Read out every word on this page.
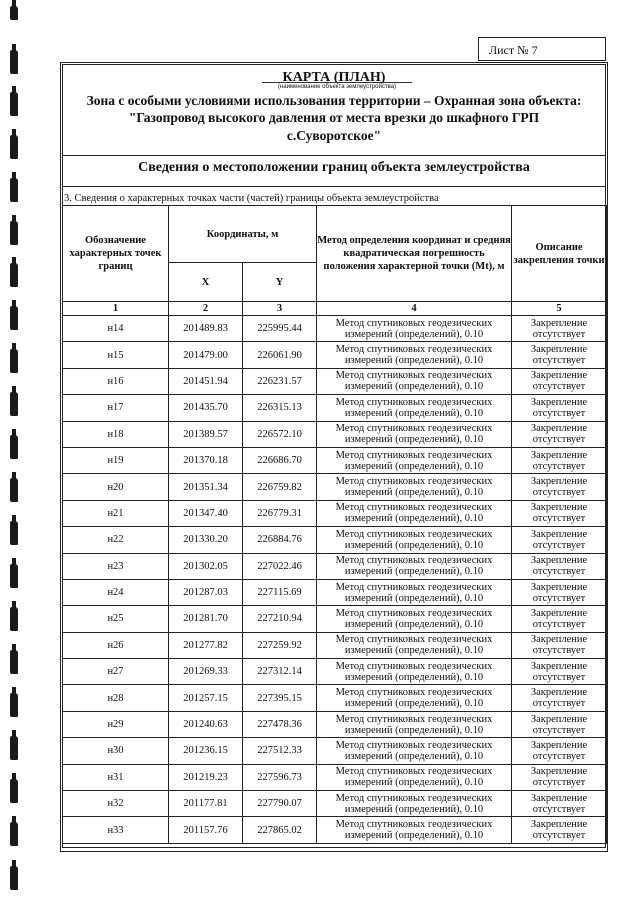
Лист № 7
КАРТА (ПЛАН)
Зона с особыми условиями использования территории – Охранная зона объекта:
"Газопровод высокого давления от места врезки до шкафного ГРП
с.Суворотское"
(наименование объекта землеустройства)
Сведения о местоположении границ объекта землеустройства
3. Сведения о характерных точках части (частей) границы объекта землеустройства
Обозначение характерных точек границ	Координаты, м		Метод определения координат и средняя квадратическая погрешность положения характерной точки (Mt), м	Описание закрепления точки
	X	Y		
1	2	3	4	5
н14	201489.83	225995.44	Метод спутниковых геодезических измерений (определений), 0.10	Закрепление отсутствует
н15	201479.00	226061.90	Метод спутниковых геодезических измерений (определений), 0.10	Закрепление отсутствует
н16	201451.94	226231.57	Метод спутниковых геодезических измерений (определений), 0.10	Закрепление отсутствует
н17	201435.70	226315.13	Метод спутниковых геодезических измерений (определений), 0.10	Закрепление отсутствует
н18	201389.57	226572.10	Метод спутниковых геодезических измерений (определений), 0.10	Закрепление отсутствует
н19	201370.18	226686.70	Метод спутниковых геодезических измерений (определений), 0.10	Закрепление отсутствует
н20	201351.34	226759.82	Метод спутниковых геодезических измерений (определений), 0.10	Закрепление отсутствует
н21	201347.40	226779.31	Метод спутниковых геодезических измерений (определений), 0.10	Закрепление отсутствует
н22	201330.20	226884.76	Метод спутниковых геодезических измерений (определений), 0.10	Закрепление отсутствует
н23	201302.05	227022.46	Метод спутниковых геодезических измерений (определений), 0.10	Закрепление отсутствует
н24	201287.03	227115.69	Метод спутниковых геодезических измерений (определений), 0.10	Закрепление отсутствует
н25	201281.70	227210.94	Метод спутниковых геодезических измерений (определений), 0.10	Закрепление отсутствует
н26	201277.82	227259.92	Метод спутниковых геодезических измерений (определений), 0.10	Закрепление отсутствует
н27	201269.33	227312.14	Метод спутниковых геодезических измерений (определений), 0.10	Закрепление отсутствует
н28	201257.15	227395.15	Метод спутниковых геодезических измерений (определений), 0.10	Закрепление отсутствует
н29	201240.63	227478.36	Метод спутниковых геодезических измерений (определений), 0.10	Закрепление отсутствует
н30	201236.15	227512.33	Метод спутниковых геодезических измерений (определений), 0.10	Закрепление отсутствует
н31	201219.23	227596.73	Метод спутниковых геодезических измерений (определений), 0.10	Закрепление отсутствует
н32	201177.81	227790.07	Метод спутниковых геодезических измерений (определений), 0.10	Закрепление отсутствует
н33	201157.76	227865.02	Метод спутниковых геодезических измерений (определений), 0.10	Закрепление отсутствует
